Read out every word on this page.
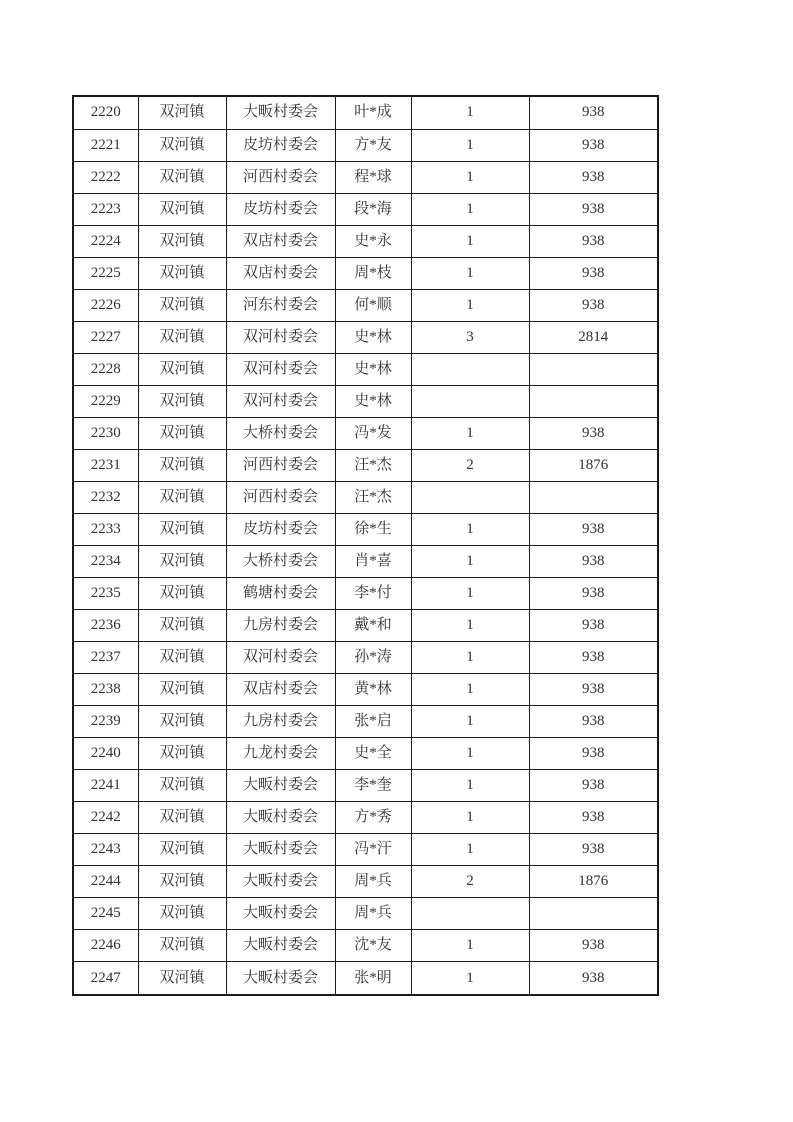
2220	双河镇	大畈村委会	叶*成	1	938
2221	双河镇	皮坊村委会	方*友	1	938
2222	双河镇	河西村委会	程*球	1	938
2223	双河镇	皮坊村委会	段*海	1	938
2224	双河镇	双店村委会	史*永	1	938
2225	双河镇	双店村委会	周*枝	1	938
2226	双河镇	河东村委会	何*顺	1	938
2227	双河镇	双河村委会	史*林	3	2814
2228	双河镇	双河村委会	史*林		
2229	双河镇	双河村委会	史*林		
2230	双河镇	大桥村委会	冯*发	1	938
2231	双河镇	河西村委会	汪*杰	2	1876
2232	双河镇	河西村委会	汪*杰		
2233	双河镇	皮坊村委会	徐*生	1	938
2234	双河镇	大桥村委会	肖*喜	1	938
2235	双河镇	鹤塘村委会	李*付	1	938
2236	双河镇	九房村委会	戴*和	1	938
2237	双河镇	双河村委会	孙*涛	1	938
2238	双河镇	双店村委会	黄*林	1	938
2239	双河镇	九房村委会	张*启	1	938
2240	双河镇	九龙村委会	史*全	1	938
2241	双河镇	大畈村委会	李*奎	1	938
2242	双河镇	大畈村委会	方*秀	1	938
2243	双河镇	大畈村委会	冯*汗	1	938
2244	双河镇	大畈村委会	周*兵	2	1876
2245	双河镇	大畈村委会	周*兵		
2246	双河镇	大畈村委会	沈*友	1	938
2247	双河镇	大畈村委会	张*明	1	938
